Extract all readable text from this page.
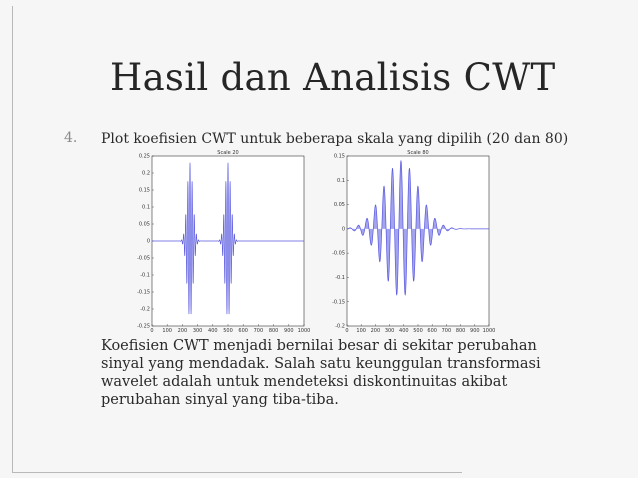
Hasil dan Analisis CWT
4. Plot koefisien CWT untuk beberapa skala yang dipilih (20 dan 80)
Scale 20
0 100 200 300 400 500 600 700 800 900 1000
0.25
0.2
0.15
0.1
0.05
0
-0.05
-0.1
-0.15
-0.2
-0.25
Scale 80
0 100 200 300 400 500 600 700 800 900 1000
0.15
0.1
0.05
0
-0.05
-0.1
-0.15
-0.2
Koefisien CWT menjadi bernilai besar di sekitar perubahan sinyal yang mendadak. Salah satu keunggulan transformasi wavelet adalah untuk mendeteksi diskontinuitas akibat perubahan sinyal yang tiba-tiba.
